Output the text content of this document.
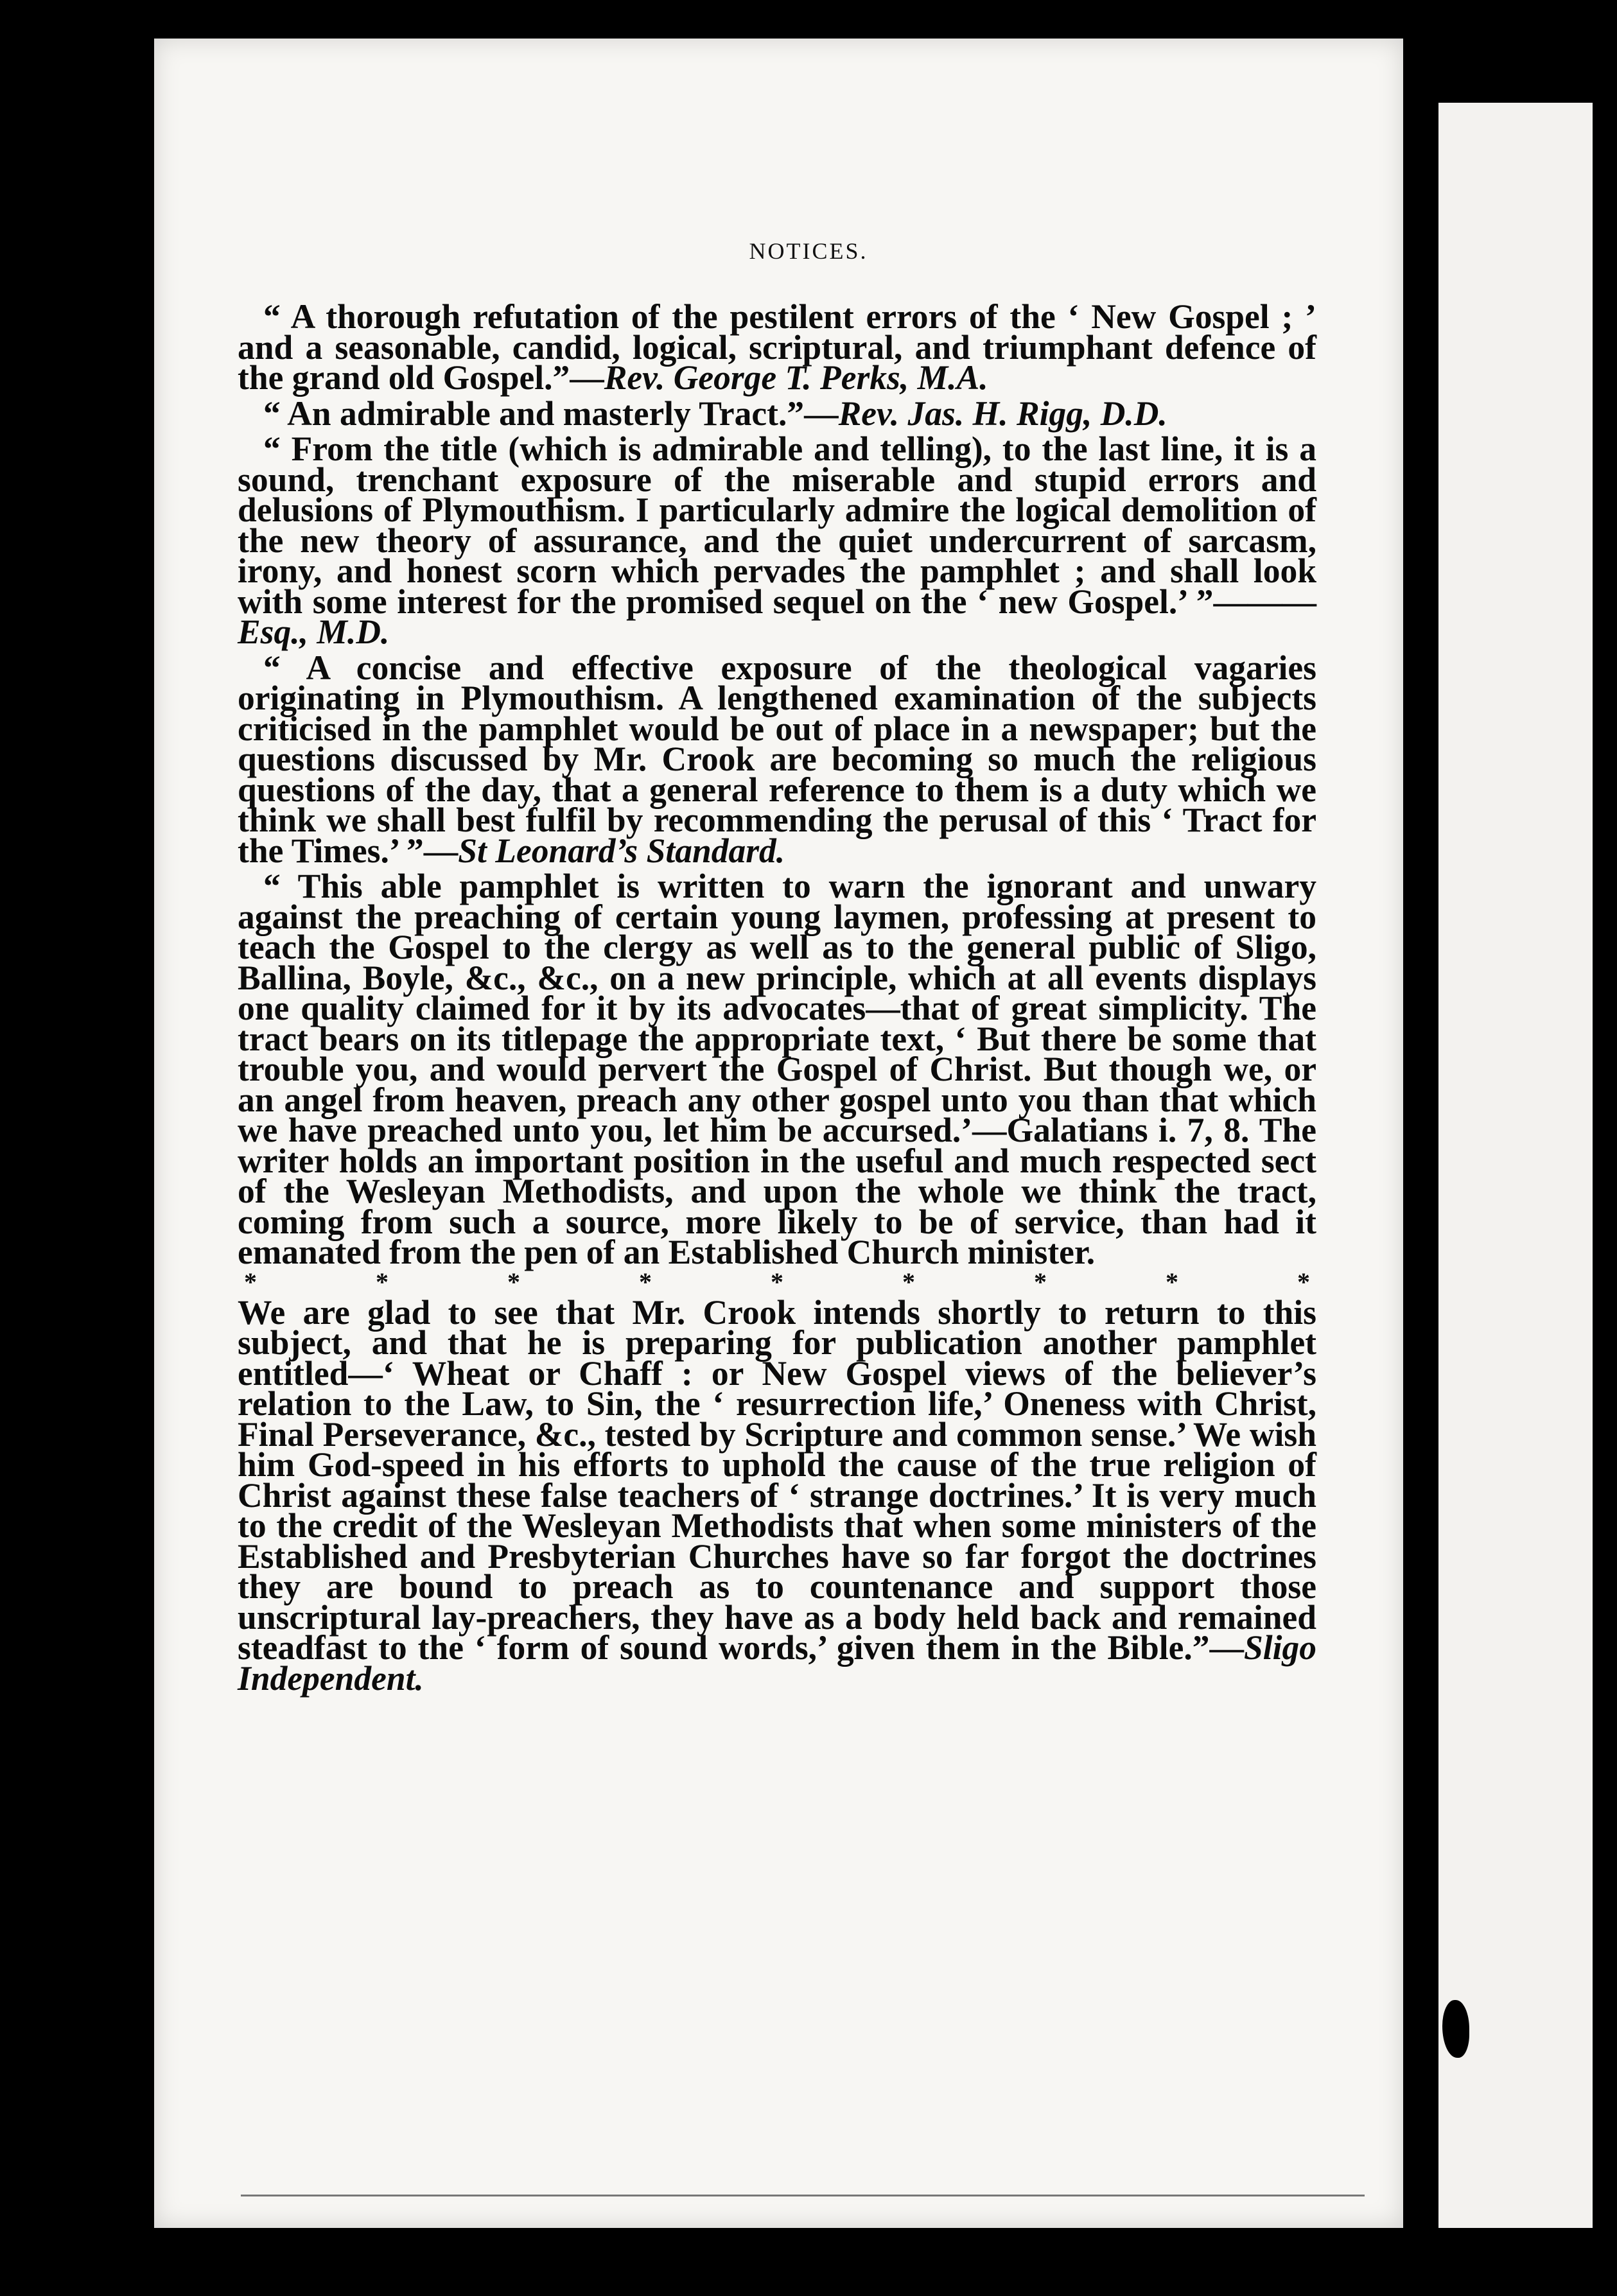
NOTICES.

“ A thorough refutation of the pestilent errors of the ‘ New Gospel ; ’ and a seasonable, candid, logical, scriptural, and triumphant defence of the grand old Gospel.”—Rev. George T. Perks, M.A.

“ An admirable and masterly Tract.”—Rev. Jas. H. Rigg, D.D.

“ From the title (which is admirable and telling), to the last line, it is a sound, trenchant exposure of the miserable and stupid errors and delusions of Plymouthism. I particularly admire the logical demolition of the new theory of assurance, and the quiet undercurrent of sarcasm, irony, and honest scorn which pervades the pamphlet ; and shall look with some interest for the promised sequel on the ‘ new Gospel.’ ”———Esq., M.D.

“ A concise and effective exposure of the theological vagaries originating in Plymouthism. A lengthened examination of the subjects criticised in the pamphlet would be out of place in a newspaper; but the questions discussed by Mr. Crook are becoming so much the religious questions of the day, that a general reference to them is a duty which we think we shall best fulfil by recommending the perusal of this ‘ Tract for the Times.’ ”—St Leonard’s Standard.

“ This able pamphlet is written to warn the ignorant and unwary against the preaching of certain young laymen, professing at present to teach the Gospel to the clergy as well as to the general public of Sligo, Ballina, Boyle, &c., &c., on a new principle, which at all events displays one quality claimed for it by its advocates—that of great simplicity. The tract bears on its titlepage the appropriate text, ‘ But there be some that trouble you, and would pervert the Gospel of Christ. But though we, or an angel from heaven, preach any other gospel unto you than that which we have preached unto you, let him be accursed.’—Galatians i. 7, 8. The writer holds an important position in the useful and much respected sect of the Wesleyan Methodists, and upon the whole we think the tract, coming from such a source, more likely to be of service, than had it emanated from the pen of an Established Church minister.

*	*	*	*	*	*	*	*	*

We are glad to see that Mr. Crook intends shortly to return to this subject, and that he is preparing for publication another pamphlet entitled—‘ Wheat or Chaff : or New Gospel views of the believer’s relation to the Law, to Sin, the ‘ resurrection life,’ Oneness with Christ, Final Perseverance, &c., tested by Scripture and common sense.’ We wish him God-speed in his efforts to uphold the cause of the true religion of Christ against these false teachers of ‘ strange doctrines.’ It is very much to the credit of the Wesleyan Methodists that when some ministers of the Established and Presbyterian Churches have so far forgot the doctrines they are bound to preach as to countenance and support those unscriptural lay-preachers, they have as a body held back and remained steadfast to the ‘ form of sound words,’ given them in the Bible.”—Sligo Independent.
